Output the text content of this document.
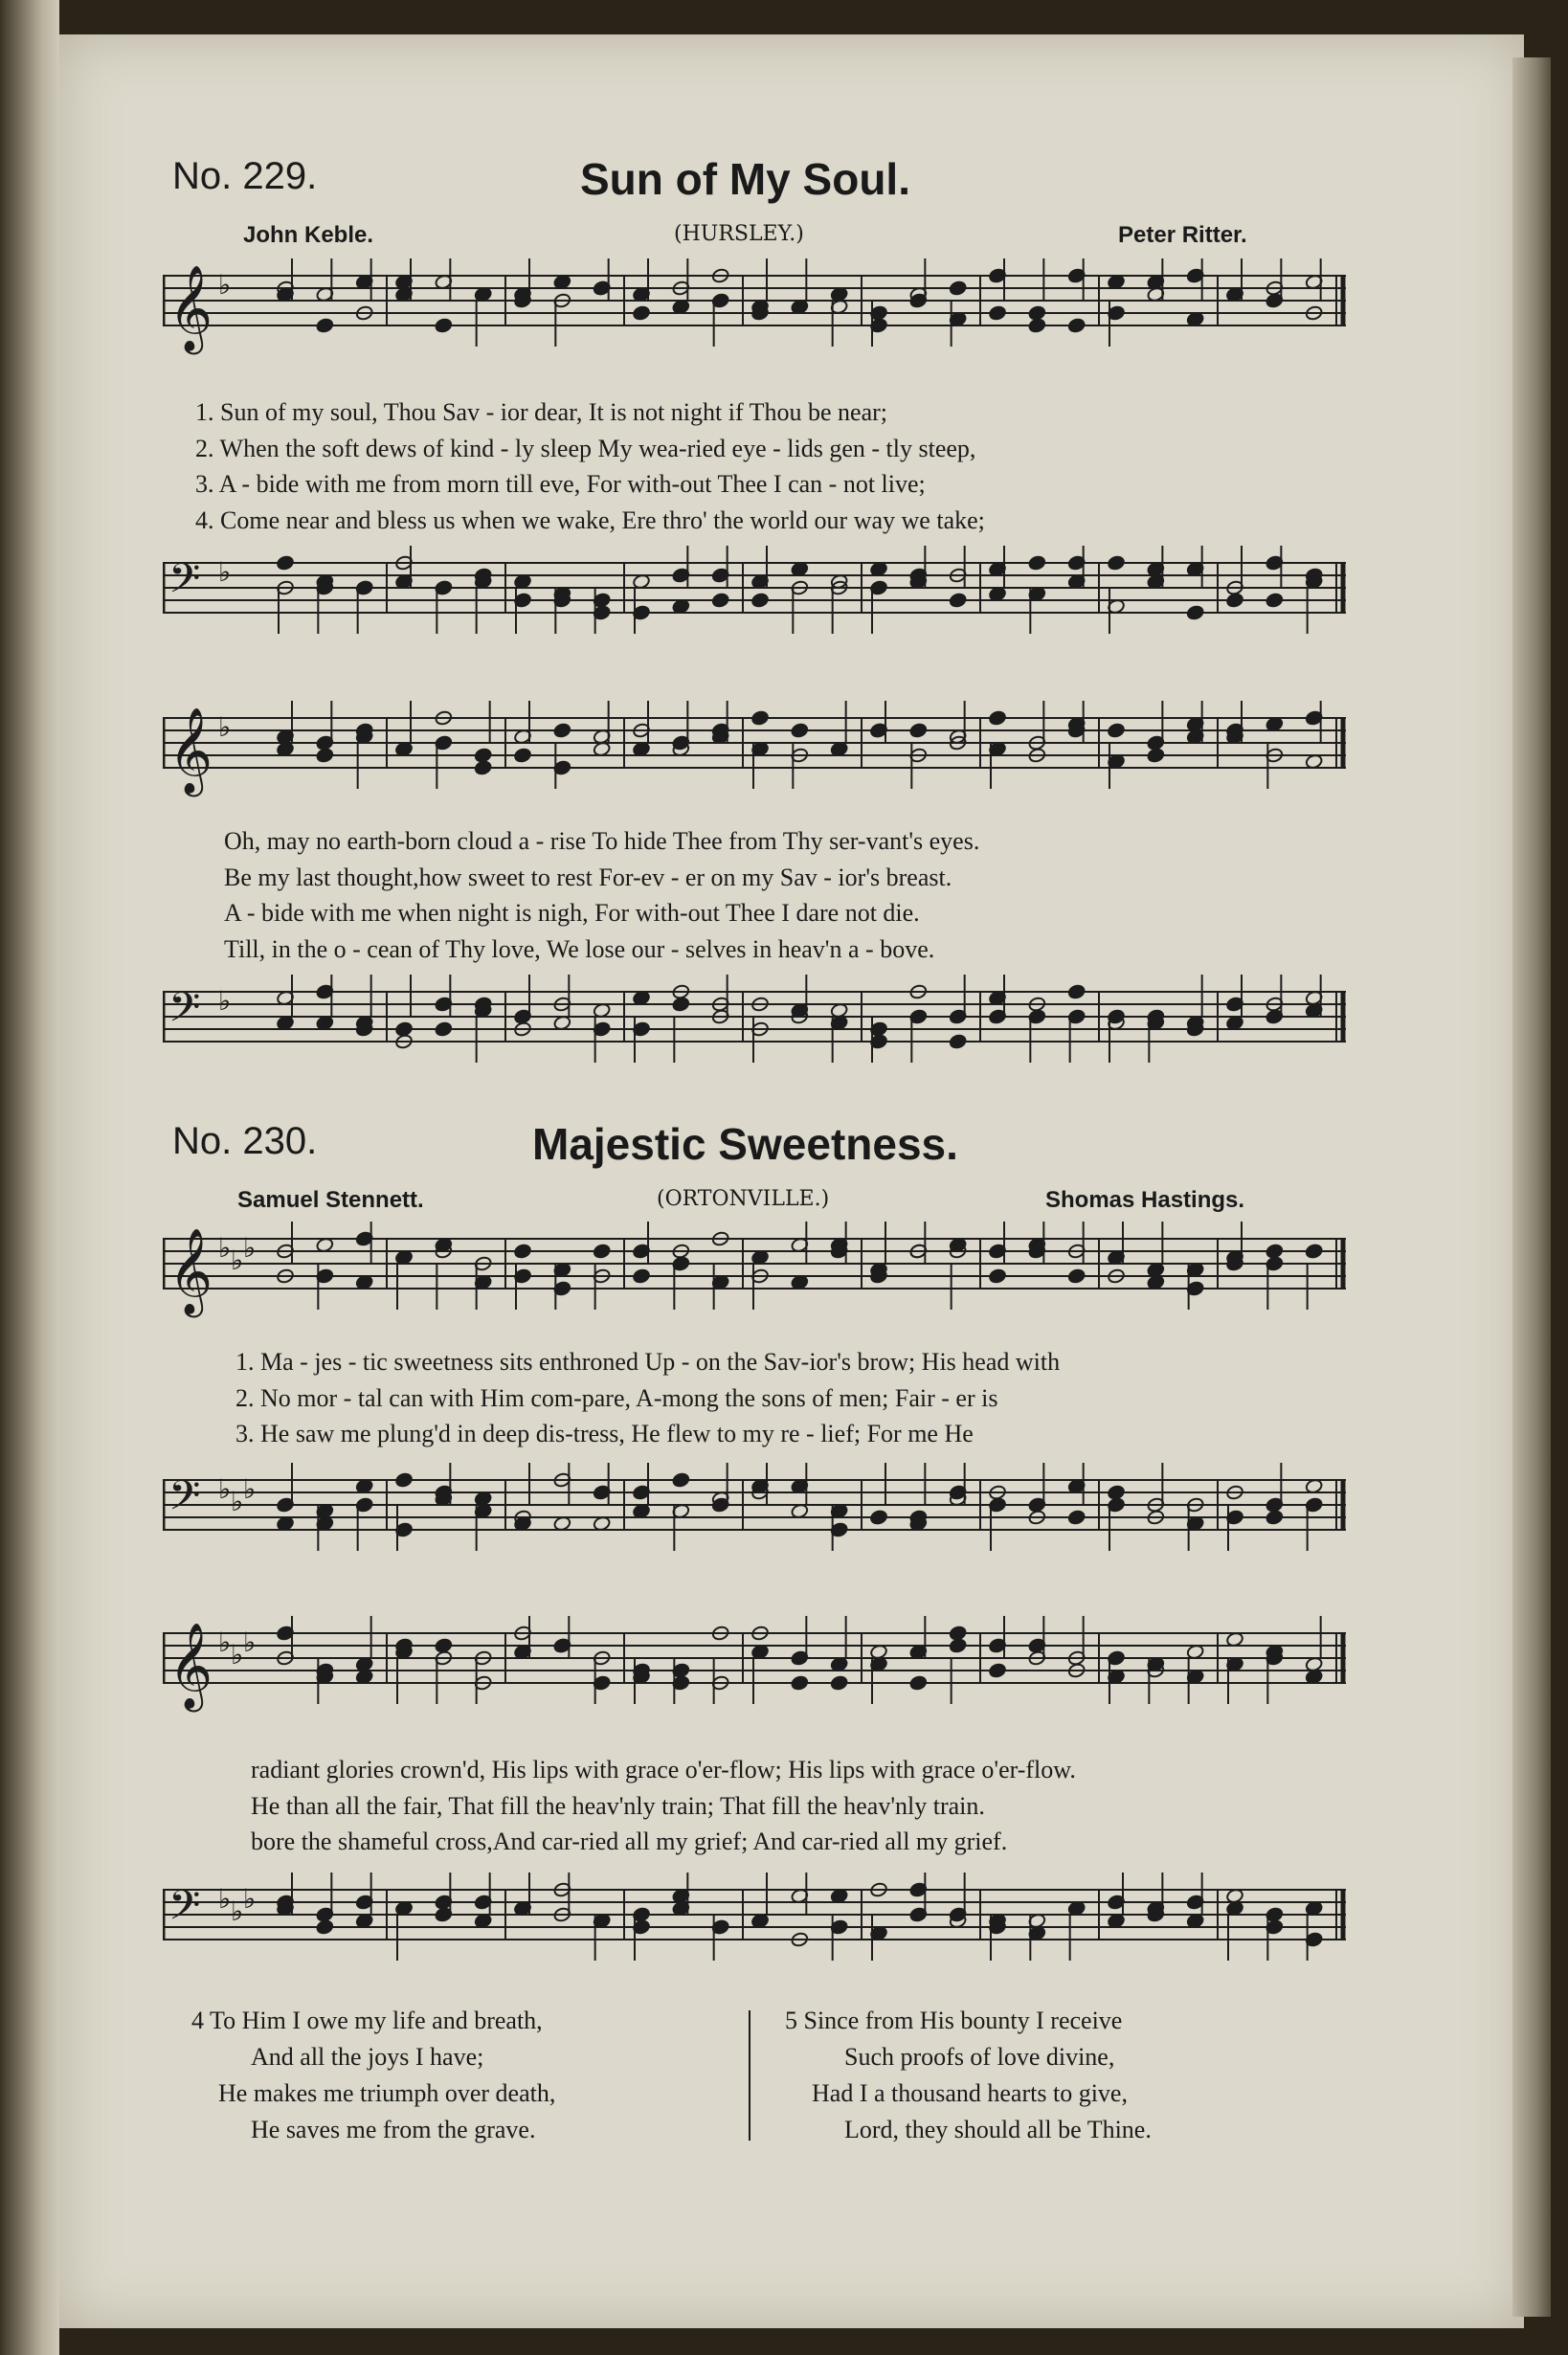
No. 229.	Sun of My Soul.
John Keble.	(HURSLEY.)	Peter Ritter.
𝄞 ♭
1. Sun of my soul, Thou Sav - ior dear, It is not night if Thou be near;
2. When the soft dews of kind - ly sleep My wea-ried eye - lids gen - tly steep,
3. A - bide with me from morn till eve, For with-out Thee I can - not live;
4. Come near and bless us when we wake, Ere thro' the world our way we take;
𝄢 ♭
𝄞 ♭
Oh, may no earth-born cloud a - rise To hide Thee from Thy ser-vant's eyes.
Be my last thought,how sweet to rest For-ev - er on my Sav - ior's breast.
A - bide with me when night is nigh, For with-out Thee I dare not die.
Till, in the o - cean of Thy love, We lose our - selves in heav'n a - bove.
𝄢 ♭
No. 230.	Majestic Sweetness.
Samuel Stennett.	(ORTONVILLE.)	Shomas Hastings.
𝄞 ♭ ♭ ♭
1. Ma - jes - tic sweetness sits enthroned Up - on the Sav-ior's brow; His head with
2. No mor - tal can with Him com-pare, A-mong the sons of men; Fair - er is
3. He saw me plung'd in deep dis-tress, He flew to my re - lief; For me He
𝄢 ♭ ♭ ♭
𝄞 ♭ ♭ ♭
radiant glories crown'd, His lips with grace o'er-flow; His lips with grace o'er-flow.
He than all the fair, That fill the heav'nly train; That fill the heav'nly train.
bore the shameful cross,And car-ried all my grief; And car-ried all my grief.
𝄢 ♭ ♭ ♭
4 To Him I owe my life and breath,
And all the joys I have;
He makes me triumph over death,
He saves me from the grave.
5 Since from His bounty I receive
Such proofs of love divine,
Had I a thousand hearts to give,
Lord, they should all be Thine.
